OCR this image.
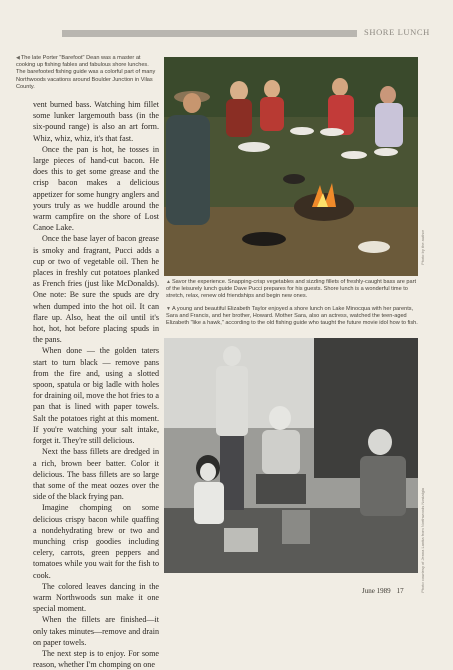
SHORE LUNCH
◀The late Porter "Barefoot" Dean was a master at cooking up fishing fables and fabulous shore lunches. The barefooted fishing guide was a colorful part of many Northwoods vacations around Boulder Junction in Vilas County.

vent burned bass. Watching him fillet some lunker largemouth bass (in the six-pound range) is also an art form. Whiz, whiz, whiz, it's that fast.

Once the pan is hot, he tosses in large pieces of hand-cut bacon. He does this to get some grease and the crisp bacon makes a delicious appetizer for some hungry anglers and yours truly as we huddle around the warm campfire on the shore of Lost Canoe Lake.

Once the base layer of bacon grease is smoky and fragrant, Pucci adds a cup or two of vegetable oil. Then he places in freshly cut potatoes planked as French fries (just like McDonalds). One note: Be sure the spuds are dry when dumped into the hot oil. It can flare up. Also, heat the oil until it's hot, hot, hot before placing spuds in the pans.

When done — the golden taters start to turn black — remove pans from the fire and, using a slotted spoon, spatula or big ladle with holes for draining oil, move the hot fries to a pan that is lined with paper towels. Salt the potatoes right at this moment. If you're watching your salt intake, forget it. They're still delicious.

Next the bass fillets are dredged in a rich, brown beer batter. Color it delicious. The bass fillets are so large that some of the meat oozes over the side of the black frying pan.

Imagine chomping on some delicious crispy bacon while quaffing a nondehydrating brew or two and munching crisp goodies including celery, carrots, green peppers and tomatoes while you wait for the fish to cook.

The colored leaves dancing in the warm Northwoods sun make it one special moment.

When the fillets are finished—it only takes minutes—remove and drain on paper towels.

The next step is to enjoy. For some reason, whether I'm chomping on one

Photo by the author
▲Savor the experience. Snapping-crisp vegetables and sizzling fillets of freshly-caught bass are part of the leisurely lunch guide Dave Pucci prepares for his guests. Shore lunch is a wonderful time to stretch, relax, renew old friendships and begin new ones.
▼A young and beautiful Elizabeth Taylor enjoyed a shore lunch on Lake Minocqua with her parents, Sara and Francis, and her brother, Howard. Mother Sara, also an actress, watched the teen-aged Elizabeth "like a hawk," according to the old fishing guide who taught the future movie idol how to fish.
Photo courtesy of Jenna Lantta from Northwoods Nostalgia
June 1989 17
